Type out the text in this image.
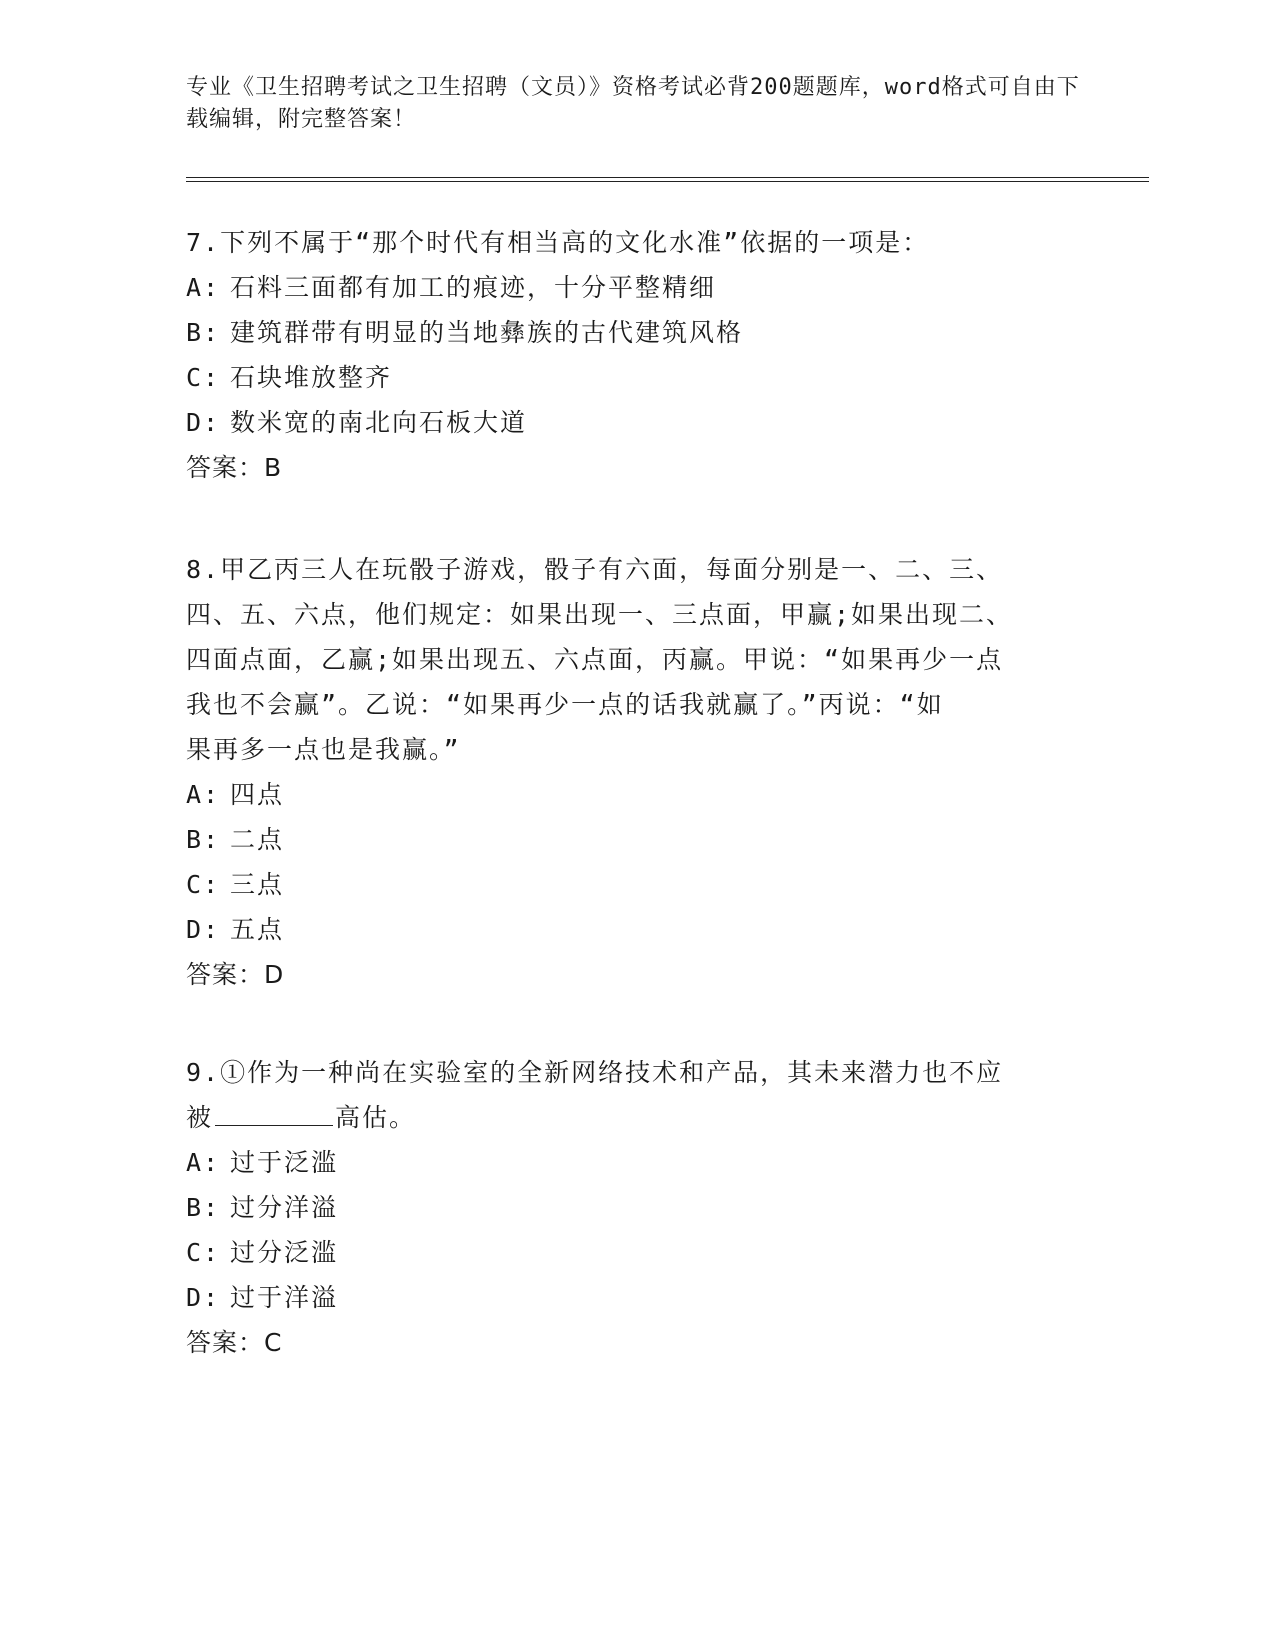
专业《卫生招聘考试之卫生招聘（文员）》资格考试必背200题题库，word格式可自由下载编辑，附完整答案！
7.下列不属于“那个时代有相当高的文化水准”依据的一项是：
A: 石料三面都有加工的痕迹，十分平整精细
B: 建筑群带有明显的当地彝族的古代建筑风格
C: 石块堆放整齐
D: 数米宽的南北向石板大道
答案：B
8.甲乙丙三人在玩骰子游戏，骰子有六面，每面分别是一、二、三、
四、五、六点，他们规定：如果出现一、三点面，甲赢;如果出现二、
四面点面，乙赢;如果出现五、六点面，丙赢。甲说：“如果再少一点
我也不会赢”。乙说：“如果再少一点的话我就赢了。”丙说：“如
果再多一点也是我赢。”
A: 四点
B: 二点
C: 三点
D: 五点
答案：D
9.①作为一种尚在实验室的全新网络技术和产品，其未来潜力也不应
被	高估。
A: 过于泛滥
B: 过分洋溢
C: 过分泛滥
D: 过于洋溢
答案：C
